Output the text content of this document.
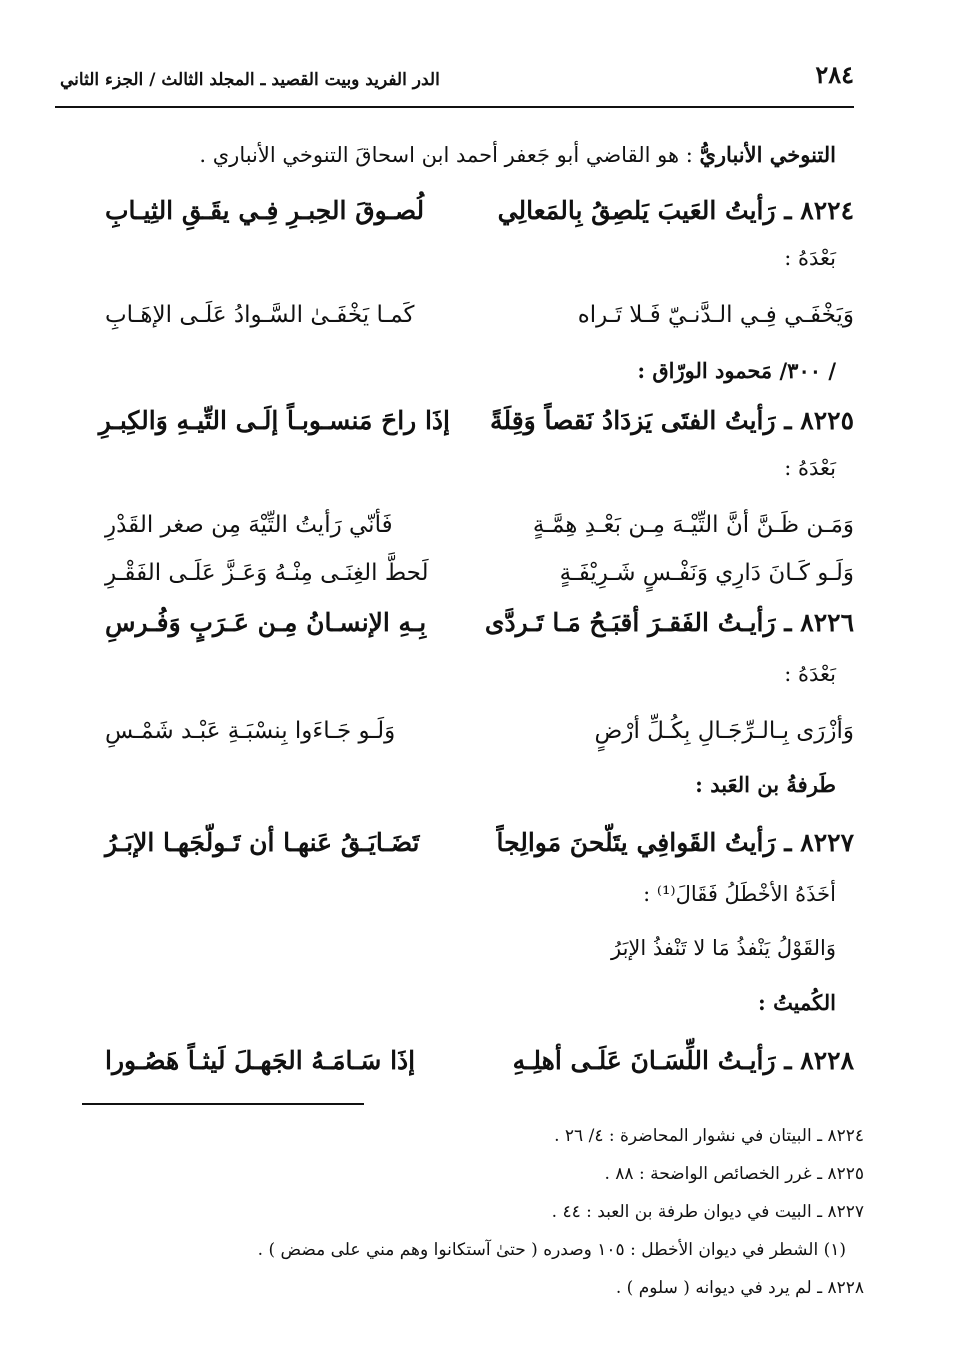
٢٨٤
الدر الفريد وبيت القصيد ـ المجلد الثالث / الجزء الثاني
التنوخي الأنباريُّ : هو القاضي أبو جَعفر أحمد ابن اسحاقَ التنوخي الأنباري .
٨٢٢٤ ـ رَأيتُ العَيبَ يَلصِقُ بِالمَعالِي
لُصـوقَ الحِبـرِ فِـي يقَـقِ الثِيـابِ
بَعْدَهُ :
وَيَخْفَـي فِـي الـدَّنـيّ فَـلا تَـراه
كَمـا يَخْفَـىٰ السَّـوادُ عَلَـى الإهَـابِ
/ ٣٠٠/ مَحمود الورّاق :
٨٢٢٥ ـ رَأيتُ الفتَى يَزدَادُ نَقصاً وَقِلَةً
إذَا راحَ مَنسـوبـاً إلَـى التِّيـهِ وَالكِبـرِ
بَعْدَهُ :
وَمَـن ظَـنَّ أنَّ التِّيْـهَ مِـن بَعْـدِ هِمَّـةٍ
فَأنّي رَأيتُ التِّيْهَ مِن صغر القَدْرِ
وَلَـو كَـانَ دَارِي وَنَفْـسٍ شَـرِيْفَـةٍ
لَحطَّ الغِنَـى مِنْـهُ وَعَـزَّ عَلَـى الفَقْـرِ
٨٢٢٦ ـ رَأيـتُ الفَقـرَ أقبَـحُ مَـا تَـردَّى
بِـهِ الإنسـانُ مِـن عَـرَبٍ وَفُـرسِ
بَعْدَهُ :
وَأزْرَى بِـالـرِّجَـالِ بِكُـلِّ أرْضٍ
وَلَـو جَـاءَوا بِنسْبَـةِ عَبْـد شَمْـسِ
طَرفةُ بن العَبد :
٨٢٢٧ ـ رَأيتُ القَوافِي يتَلّحنَ مَوالِجاً
تَضَـايَـقُ عَنهـا أن تَـولّجَهـا الإبَـرُ
أخَذَهُ الأخْطَلُ فَقَالَ⁽¹⁾ :
وَالقَوْلُ يَنْفذُ مَا لا تَنْفذُ الإبَرُ
الكُميتُ :
٨٢٢٨ ـ رَأيـتُ اللِّسَـانَ عَلَـى أهلِـهِ
إذَا سَـامَـهُ الجَهـلَ لَيثـاً هَصُـورا
٨٢٢٤ ـ البيتان في نشوار المحاضرة : ٤/ ٢٦ .
٨٢٢٥ ـ غرر الخصائص الواضحة : ٨٨ .
٨٢٢٧ ـ البيت في ديوان طرفة بن العبد : ٤٤ .
(١) الشطر في ديوان الأخطل : ١٠٥ وصدره ( حتىٰ آستكانوا وهم مني على مضض ) .
٨٢٢٨ ـ لم يرد في ديوانه ( سلوم ) .
